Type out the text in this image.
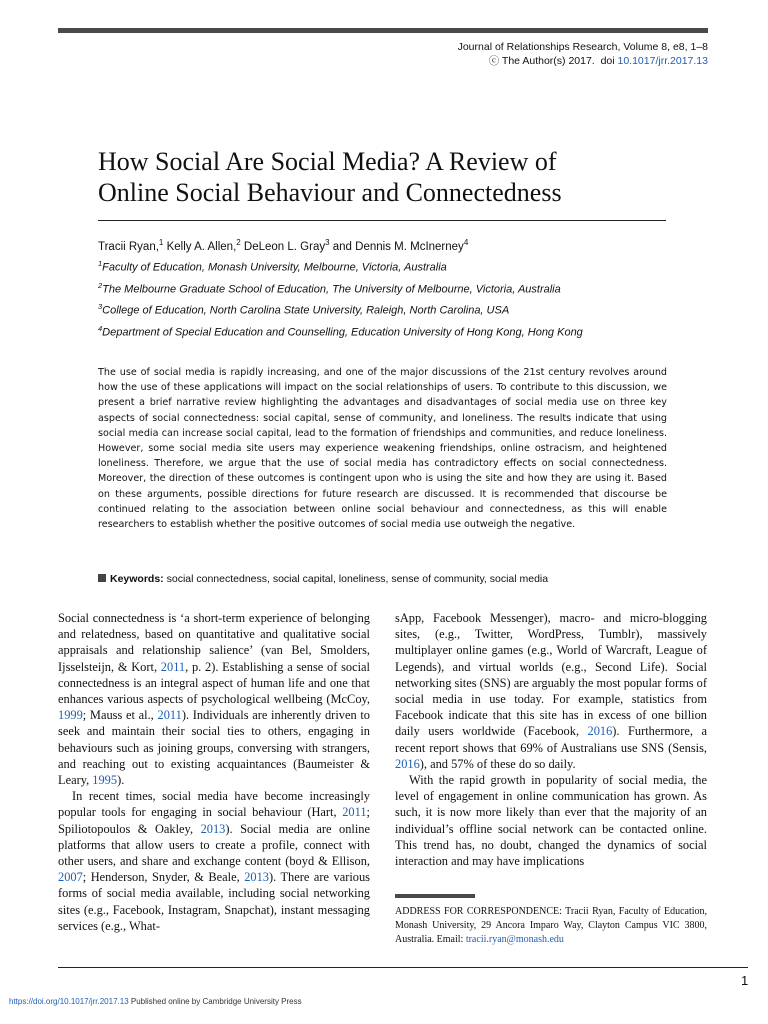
Journal of Relationships Research, Volume 8, e8, 1–8
ⓒ The Author(s) 2017. doi 10.1017/jrr.2017.13
How Social Are Social Media? A Review of
Online Social Behaviour and Connectedness
Tracii Ryan,$^1$ Kelly A. Allen,$^2$ DeLeon L. Gray$^3$ and Dennis M. McInerney$^4$
$^1$Faculty of Education, Monash University, Melbourne, Victoria, Australia
$^2$The Melbourne Graduate School of Education, The University of Melbourne, Victoria, Australia
$^3$College of Education, North Carolina State University, Raleigh, North Carolina, USA
$^4$Department of Special Education and Counselling, Education University of Hong Kong, Hong Kong

The use of social media is rapidly increasing, and one of the major discussions of the 21st century revolves around how the use of these applications will impact on the social relationships of users. To contribute to this discussion, we present a brief narrative review highlighting the advantages and disadvantages of social media use on three key aspects of social connectedness: social capital, sense of community, and loneliness. The results indicate that using social media can increase social capital, lead to the formation of friendships and communities, and reduce loneliness. However, some social media site users may experience weakening friendships, online ostracism, and heightened loneliness. Therefore, we argue that the use of social media has contradictory effects on social connectedness. Moreover, the direction of these outcomes is contingent upon who is using the site and how they are using it. Based on these arguments, possible directions for future research are discussed. It is recommended that discourse be continued relating to the association between online social behaviour and connectedness, as this will enable researchers to establish whether the positive outcomes of social media use outweigh the negative.

Keywords: social connectedness, social capital, loneliness, sense of community, social media

Social connectedness is ‘a short-term experience of belonging and relatedness, based on quantitative and qualitative social appraisals and relationship salience’ (van Bel, Smolders, Ijsselsteijn, & Kort, 2011, p. 2). Establishing a sense of social connectedness is an integral aspect of human life and one that enhances various aspects of psychological wellbeing (McCoy, 1999; Mauss et al., 2011). Individuals are inherently driven to seek and maintain their social ties to others, engaging in behaviours such as joining groups, conversing with strangers, and reaching out to existing acquaintances (Baumeister & Leary, 1995).

In recent times, social media have become increasingly popular tools for engaging in social behaviour (Hart, 2011; Spiliotopoulos & Oakley, 2013). Social media are online platforms that allow users to create a profile, connect with other users, and share and exchange content (boyd & Ellison, 2007; Henderson, Snyder, & Beale, 2013). There are various forms of social media available, including social networking sites (e.g., Facebook, Instagram, Snapchat), instant messaging services (e.g., What-

sApp, Facebook Messenger), macro- and micro-blogging sites, (e.g., Twitter, WordPress, Tumblr), massively multiplayer online games (e.g., World of Warcraft, League of Legends), and virtual worlds (e.g., Second Life). Social networking sites (SNS) are arguably the most popular forms of social media in use today. For example, statistics from Facebook indicate that this site has in excess of one billion daily users worldwide (Facebook, 2016). Furthermore, a recent report shows that 69% of Australians use SNS (Sensis, 2016), and 57% of these do so daily.

With the rapid growth in popularity of social media, the level of engagement in online communication has grown. As such, it is now more likely than ever that the majority of an individual’s offline social network can be contacted online. This trend has, no doubt, changed the dynamics of social interaction and may have implications

ADDRESS FOR CORRESPONDENCE: Tracii Ryan, Faculty of Education, Monash University, 29 Ancora Imparo Way, Clayton Campus VIC 3800, Australia. Email: tracii.ryan@monash.edu
1
https://doi.org/10.1017/jrr.2017.13 Published online by Cambridge University Press
